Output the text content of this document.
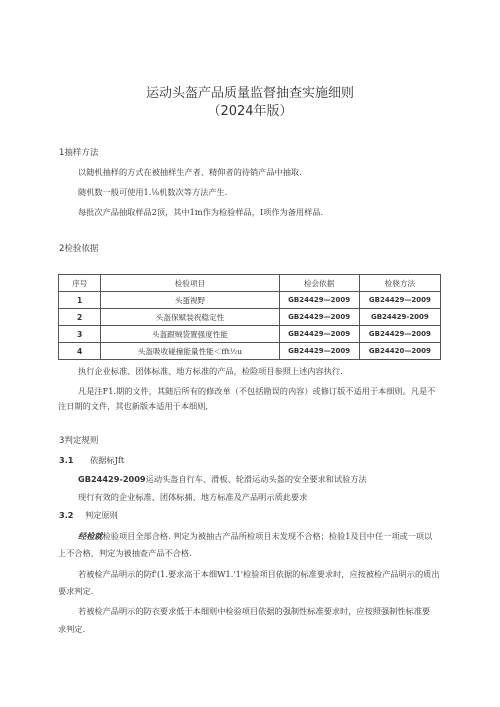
运动头盔产品质量监督抽查实施细则
（2024年版）
1抽样方法
以随机抽样的方式在被抽样生产者、精仰者的待销产品中抽取.
随机数一般可使用1.⅛机数次等方法产生.
每批次产品抽取样品2顶，其中1m作为检验样品，I项作为备用样品.
2检验依据
序号	检验项目	检会依据	检骁方法
1	头蛋视野	GB24429—2009	GB24429—2009
2	头盔保赋装祝稳定性	GB24429—2009	GB24429-2009
3	头盔跟贼袋置强度性能	GB24429—2009	GB24429—2009
4	头盔吸收碰撞能量性能＜fft½u	GB24429—2009	GB24420—2009
执行企业标准、团体标准、地方标准的产品，检险项目参照上述内容执行.
凡是注F1.期的文件，其随后所有的修改单（不包括勘误的内容）或修订版不适用于本细则。凡是不
注日期的文件，其也新版本适用于本细则,
3判定规则
3.1 依据标Jft
GB24429-2009运动头盔自行车、滑板、轮滑运动头盔的安全要求和试验方法
现行有效的企业标准、团体标捕、地方标准及产品明示质此要求
3.2 判定原则
经检就检验项目全部合格. 判定为被抽古产品所检项目未发现不合格；检验1及目中任一项或一项以
上不合格，判定为被抽查产品不合格.
若被检产品明示的防f'(1.要求高于本细W1.'1'检验项目依据的标准要求时，应按被检产品明示的质出
要求判定.
若被检产品明示的防衣要求低于本细则中检验项目依据的强制性标准要求时，应按照强制性标准要
求判定.
